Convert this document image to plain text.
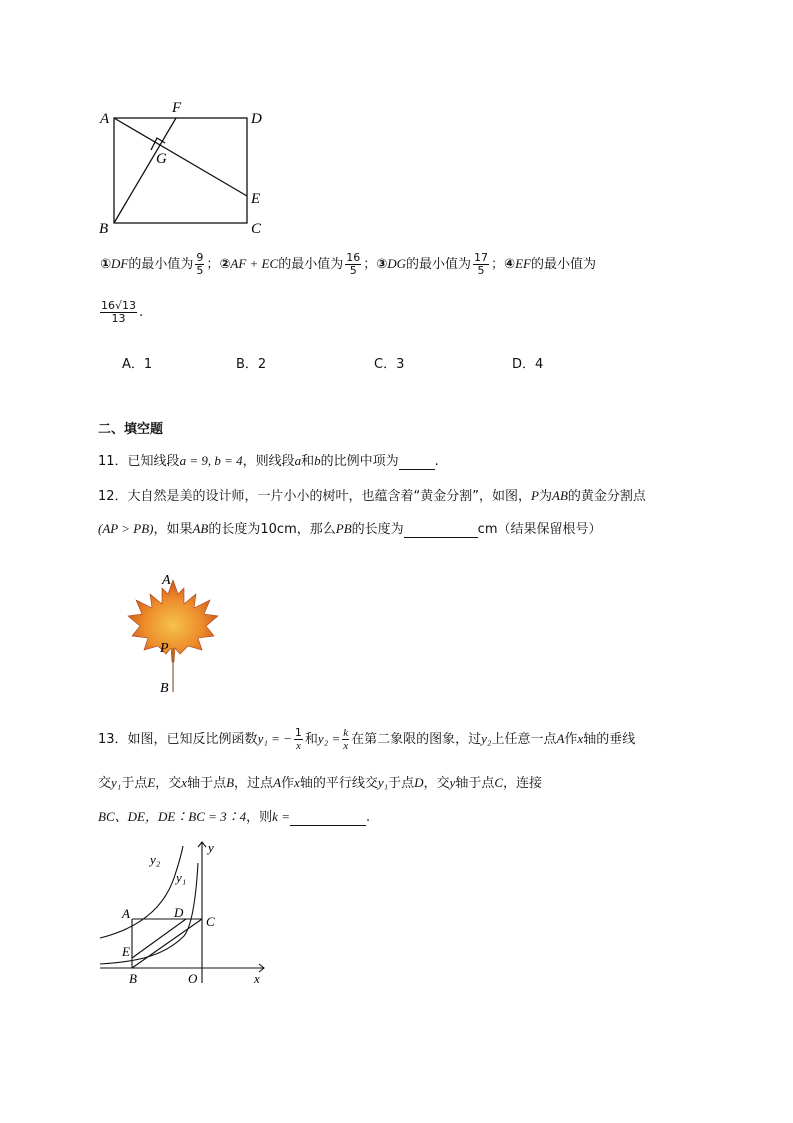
A
F
D
G
E
B	C
①DF的最小值为 $\frac{9}{5}$ ；②AF + EC的最小值为 $\frac{16}{5}$ ；③DG的最小值为 $\frac{17}{5}$ ；④EF的最小值为
$\frac{16√13}{13}$ .
A．1	B．2	C．3	D．4
二、填空题
11．已知线段a = 9, b = 4，则线段a和b的比例中项为	.
12．大自然是美的设计师，一片小小的树叶，也蕴含着“黄金分割”，如图，P为AB的黄金分割点
(AP > PB)，如果AB的长度为10cm，那么PB的长度为	cm（结果保留根号）
A
P
B
13．如图，已知反比例函数y₁ = − $\frac{1}{x}$ 和$y_2 = \frac{k}{x}$ 在第二象限的图象，过y₂上任意一点A作x轴的垂线
交y₁于点E，交x轴于点B，过点A作x轴的平行线交y₁于点D，交y轴于点C，连接
BC、DE，DE∶BC = 3∶4，则k =	.
y₂
y₁
y
A	D
C
E
B	O	x
